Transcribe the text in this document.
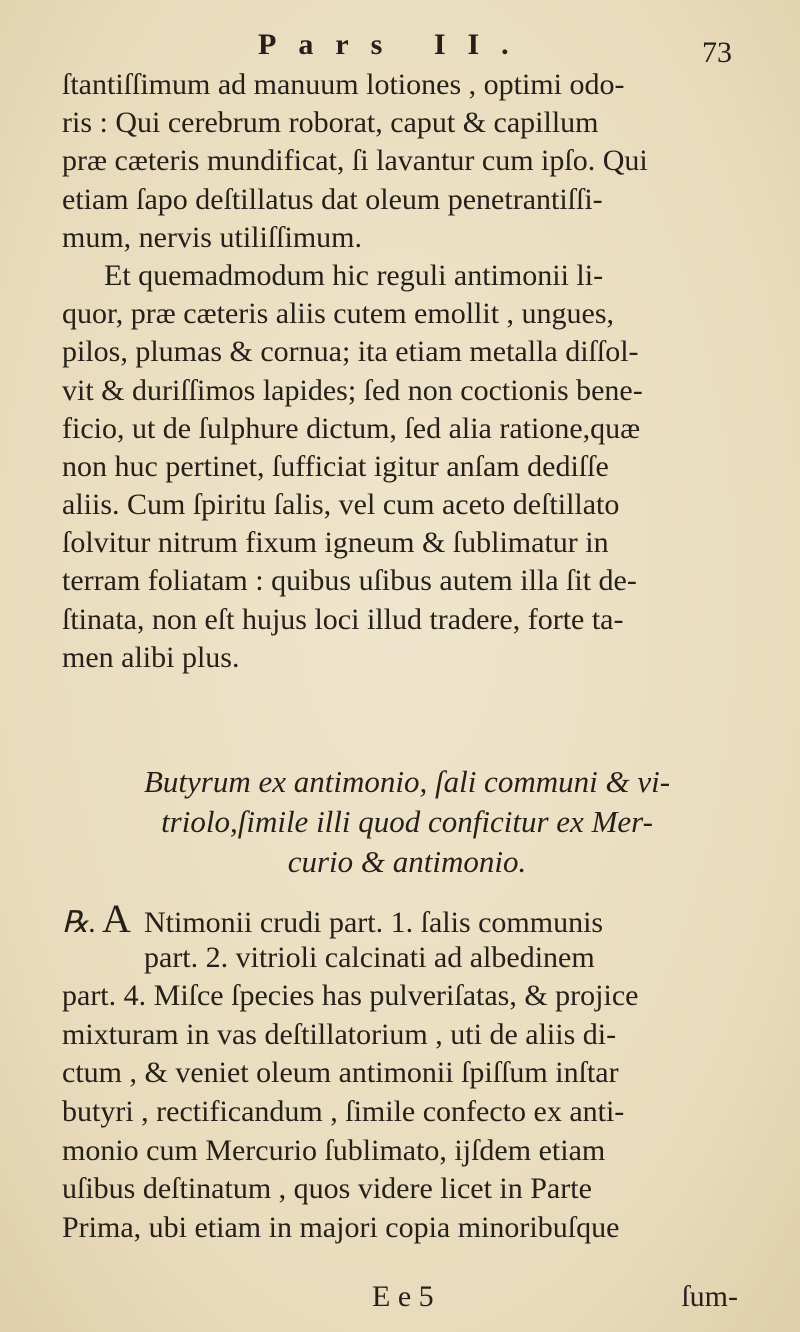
Pars II.	73
ſtantiſſimum ad manuum lotiones , optimi odo-
ris : Qui cerebrum roborat, caput & capillum
præ cæteris mundificat, ſi lavantur cum ipſo. Qui
etiam ſapo deſtillatus dat oleum penetrantiſſi-
mum, nervis utiliſſimum.
Et quemadmodum hic reguli antimonii li-
quor, præ cæteris aliis cutem emollit , ungues,
pilos, plumas & cornua; ita etiam metalla diſſol-
vit & duriſſimos lapides; ſed non coctionis bene-
ficio, ut de ſulphure dictum, ſed alia ratione,quæ
non huc pertinet, ſufficiat igitur anſam dediſſe
aliis. Cum ſpiritu ſalis, vel cum aceto deſtillato
ſolvitur nitrum fixum igneum & ſublimatur in
terram foliatam : quibus uſibus autem illa ſit de-
ſtinata, non eſt hujus loci illud tradere, forte ta-
men alibi plus.
Butyrum ex antimonio, ſali communi & vi-
triolo,ſimile illi quod conficitur ex Mer-
curio & antimonio.
℞. A Ntimonii crudi part. 1. ſalis communis
part. 2. vitrioli calcinati ad albedinem
part. 4. Miſce ſpecies has pulveriſatas, & projice
mixturam in vas deſtillatorium , uti de aliis di-
ctum , & veniet oleum antimonii ſpiſſum inſtar
butyri , rectificandum , ſimile confecto ex anti-
monio cum Mercurio ſublimato, ijſdem etiam
uſibus deſtinatum , quos videre licet in Parte
Prima, ubi etiam in majori copia minoribuſque
E e 5	ſum-
